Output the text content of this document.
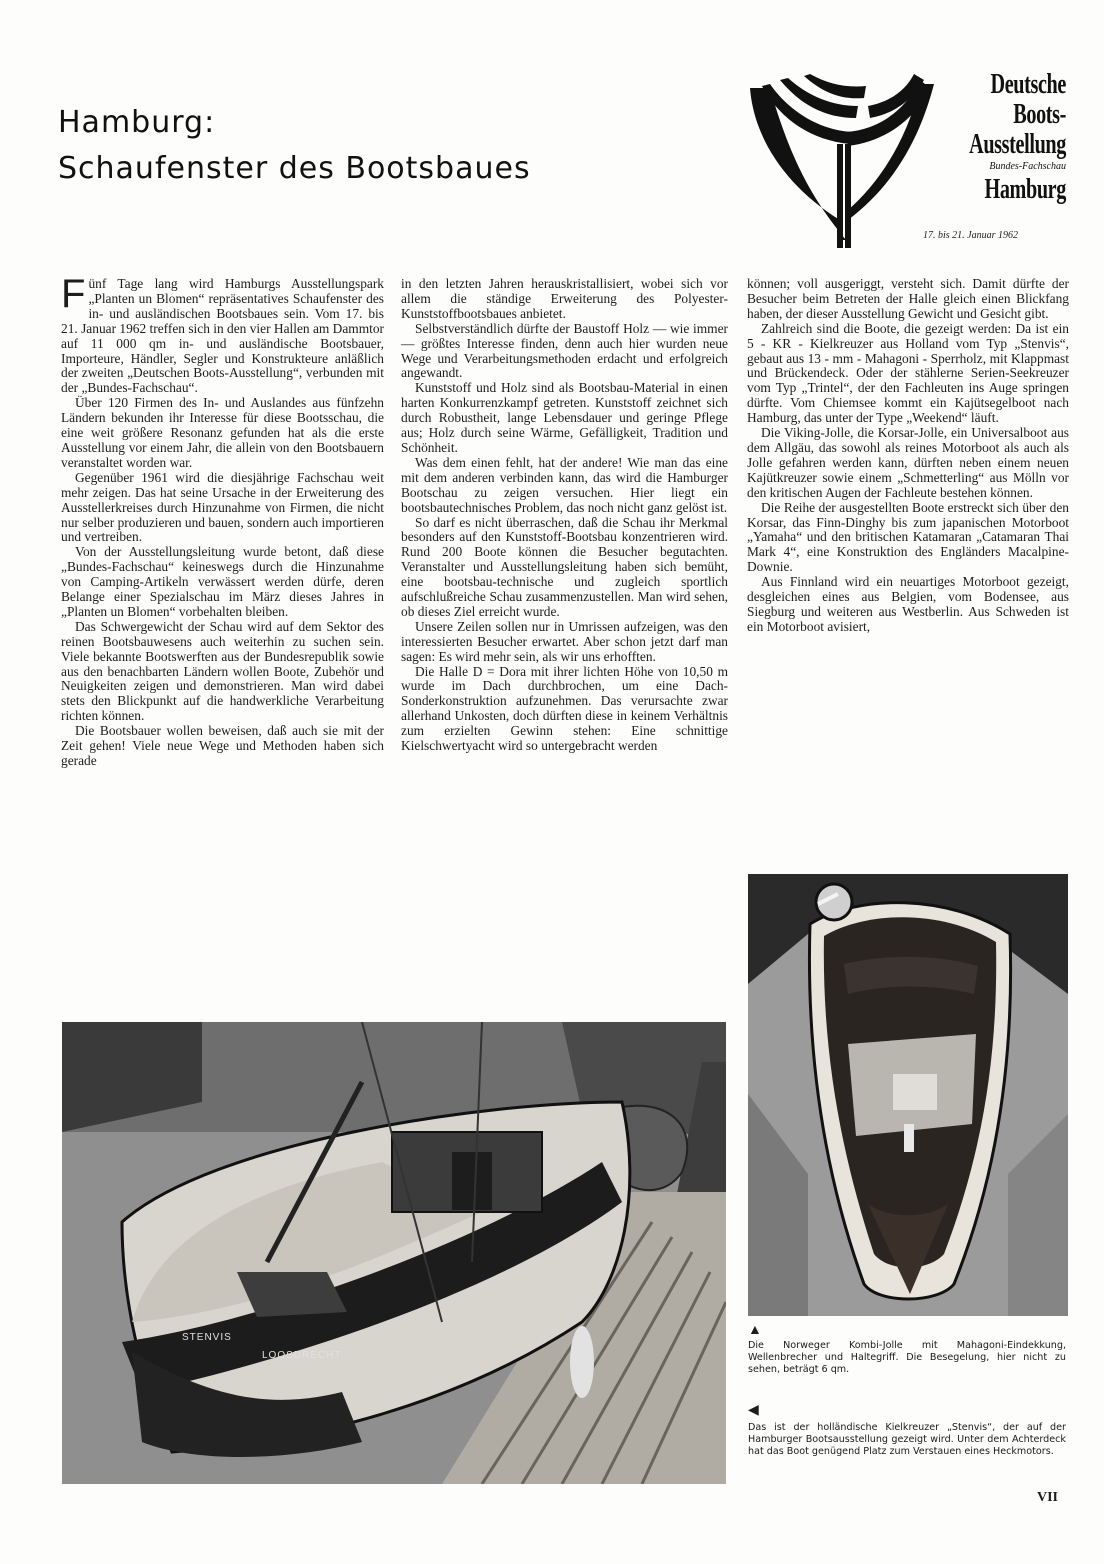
Hamburg:
Schaufenster des Bootsbaues
Deutsche
Boots-
Ausstellung
Bundes-Fachschau
Hamburg
17. bis 21. Januar 1962

Fünf Tage lang wird Hamburgs Ausstellungspark „Planten un Blomen“ repräsentatives Schaufenster des in- und ausländischen Bootsbaues sein. Vom 17. bis 21. Januar 1962 treffen sich in den vier Hallen am Dammtor auf 11 000 qm in- und ausländische Bootsbauer, Importeure, Händler, Segler und Konstrukteure anläßlich der zweiten „Deutschen Boots-Ausstellung“, verbunden mit der „Bundes-Fachschau“.

Über 120 Firmen des In- und Auslandes aus fünfzehn Ländern bekunden ihr Interesse für diese Bootsschau, die eine weit größere Resonanz gefunden hat als die erste Ausstellung vor einem Jahr, die allein von den Bootsbauern veranstaltet worden war.

Gegenüber 1961 wird die diesjährige Fachschau weit mehr zeigen. Das hat seine Ursache in der Erweiterung des Ausstellerkreises durch Hinzunahme von Firmen, die nicht nur selber produzieren und bauen, sondern auch importieren und vertreiben.

Von der Ausstellungsleitung wurde betont, daß diese „Bundes-Fachschau“ keineswegs durch die Hinzunahme von Camping-Artikeln verwässert werden dürfe, deren Belange einer Spezialschau im März dieses Jahres in „Planten un Blomen“ vorbehalten bleiben.

Das Schwergewicht der Schau wird auf dem Sektor des reinen Bootsbauwesens auch weiterhin zu suchen sein. Viele bekannte Bootswerften aus der Bundesrepublik sowie aus den benachbarten Ländern wollen Boote, Zubehör und Neuigkeiten zeigen und demonstrieren. Man wird dabei stets den Blickpunkt auf die handwerkliche Verarbeitung richten können.

Die Bootsbauer wollen beweisen, daß auch sie mit der Zeit gehen! Viele neue Wege und Methoden haben sich gerade

in den letzten Jahren herauskristallisiert, wobei sich vor allem die ständige Erweiterung des Polyester-Kunststoffbootsbaues anbietet.

Selbstverständlich dürfte der Baustoff Holz — wie immer — größtes Interesse finden, denn auch hier wurden neue Wege und Verarbeitungsmethoden erdacht und erfolgreich angewandt.

Kunststoff und Holz sind als Bootsbau-Material in einen harten Konkurrenzkampf getreten. Kunststoff zeichnet sich durch Robustheit, lange Lebensdauer und geringe Pflege aus; Holz durch seine Wärme, Gefälligkeit, Tradition und Schönheit.

Was dem einen fehlt, hat der andere! Wie man das eine mit dem anderen verbinden kann, das wird die Hamburger Bootschau zu zeigen versuchen. Hier liegt ein bootsbautechnisches Problem, das noch nicht ganz gelöst ist.

So darf es nicht überraschen, daß die Schau ihr Merkmal besonders auf den Kunststoff-Bootsbau konzentrieren wird. Rund 200 Boote können die Besucher begutachten. Veranstalter und Ausstellungsleitung haben sich bemüht, eine bootsbau-technische und zugleich sportlich aufschlußreiche Schau zusammenzustellen. Man wird sehen, ob dieses Ziel erreicht wurde.

Unsere Zeilen sollen nur in Umrissen aufzeigen, was den interessierten Besucher erwartet. Aber schon jetzt darf man sagen: Es wird mehr sein, als wir uns erhofften.

Die Halle D = Dora mit ihrer lichten Höhe von 10,50 m wurde im Dach durchbrochen, um eine Dach-Sonderkonstruktion aufzunehmen. Das verursachte zwar allerhand Unkosten, doch dürften diese in keinem Verhältnis zum erzielten Gewinn stehen: Eine schnittige Kielschwertyacht wird so untergebracht werden

können; voll ausgeriggt, versteht sich. Damit dürfte der Besucher beim Betreten der Halle gleich einen Blickfang haben, der dieser Ausstellung Gewicht und Gesicht gibt.

Zahlreich sind die Boote, die gezeigt werden: Da ist ein 5 - KR - Kielkreuzer aus Holland vom Typ „Stenvis“, gebaut aus 13 - mm - Mahagoni - Sperrholz, mit Klappmast und Brückendeck. Oder der stählerne Serien-Seekreuzer vom Typ „Trintel“, der den Fachleuten ins Auge springen dürfte. Vom Chiemsee kommt ein Kajütsegelboot nach Hamburg, das unter der Type „Weekend“ läuft.

Die Viking-Jolle, die Korsar-Jolle, ein Universalboot aus dem Allgäu, das sowohl als reines Motorboot als auch als Jolle gefahren werden kann, dürften neben einem neuen Kajütkreuzer sowie einem „Schmetterling“ aus Mölln vor den kritischen Augen der Fachleute bestehen können.

Die Reihe der ausgestellten Boote erstreckt sich über den Korsar, das Finn-Dinghy bis zum japanischen Motorboot „Yamaha“ und den britischen Katamaran „Catamaran Thai Mark 4“, eine Konstruktion des Engländers Macalpine-Downie.

Aus Finnland wird ein neuartiges Motorboot gezeigt, desgleichen eines aus Belgien, vom Bodensee, aus Siegburg und weiteren aus Westberlin. Aus Schweden ist ein Motorboot avisiert,

STENVIS
LOOSDRECHT
▲
Die Norweger Kombi-Jolle mit Mahagoni-Eindekkung, Wellenbrecher und Haltegriff. Die Besegelung, hier nicht zu sehen, beträgt 6 qm.
◀
Das ist der holländische Kielkreuzer „Stenvis“, der auf der Hamburger Bootsausstellung gezeigt wird. Unter dem Achterdeck hat das Boot genügend Platz zum Verstauen eines Heckmotors.
VII
